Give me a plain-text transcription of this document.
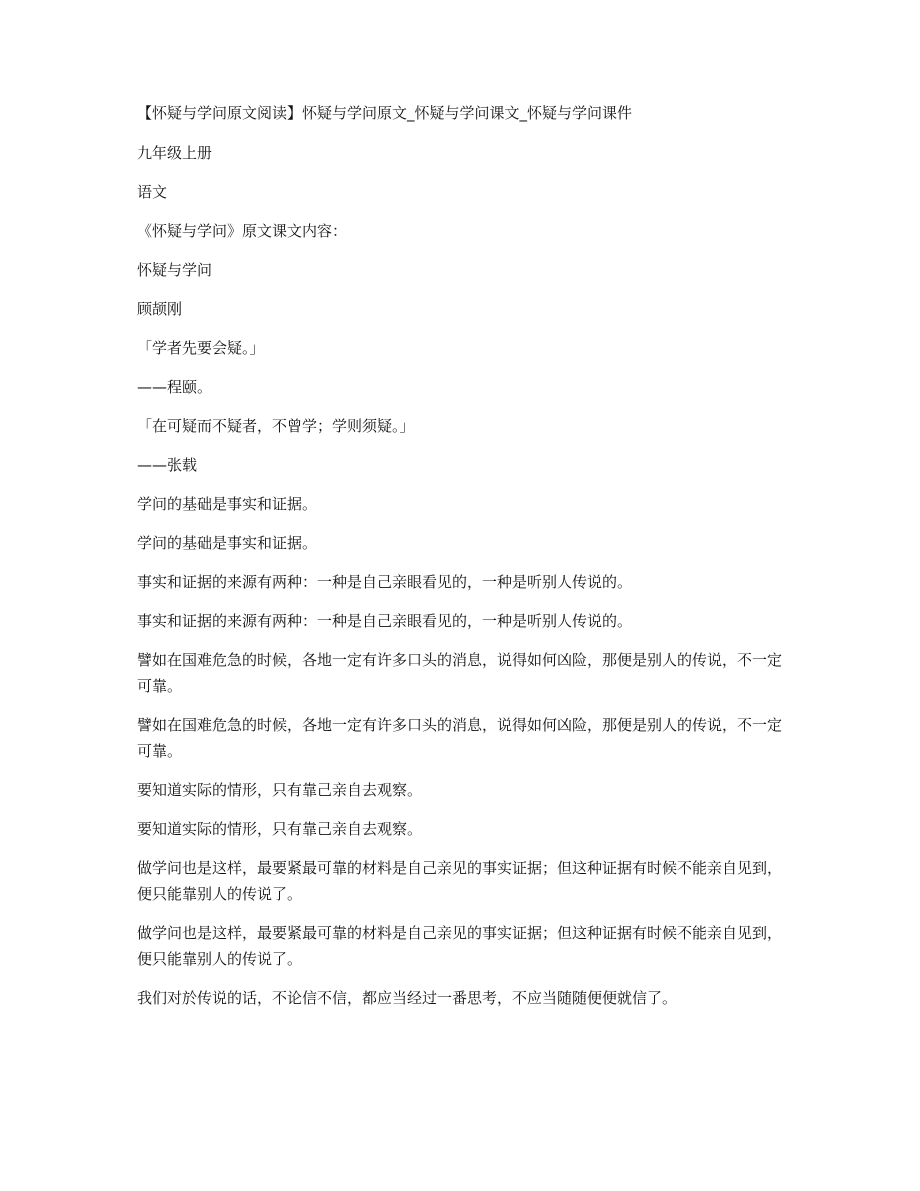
【怀疑与学问原文阅读】怀疑与学问原文_怀疑与学问课文_怀疑与学问课件

九年级上册

语文

《怀疑与学问》原文课文内容：

怀疑与学问

顾颉刚

「学者先要会疑。」

——程颐。

「在可疑而不疑者，不曾学；学则须疑。」

——张载

学问的基础是事实和证据。

学问的基础是事实和证据。

事实和证据的来源有两种：一种是自己亲眼看见的，一种是听别人传说的。

事实和证据的来源有两种：一种是自己亲眼看见的，一种是听别人传说的。

譬如在国难危急的时候，各地一定有许多口头的消息，说得如何凶险，那便是别人的传说，不一定可靠。

譬如在国难危急的时候，各地一定有许多口头的消息，说得如何凶险，那便是别人的传说，不一定可靠。

要知道实际的情形，只有靠己亲自去观察。

要知道实际的情形，只有靠己亲自去观察。

做学问也是这样，最要紧最可靠的材料是自己亲见的事实证据；但这种证据有时候不能亲自见到，便只能靠别人的传说了。

做学问也是这样，最要紧最可靠的材料是自己亲见的事实证据；但这种证据有时候不能亲自见到，便只能靠别人的传说了。

我们对於传说的话，不论信不信，都应当经过一番思考，不应当随随便便就信了。
